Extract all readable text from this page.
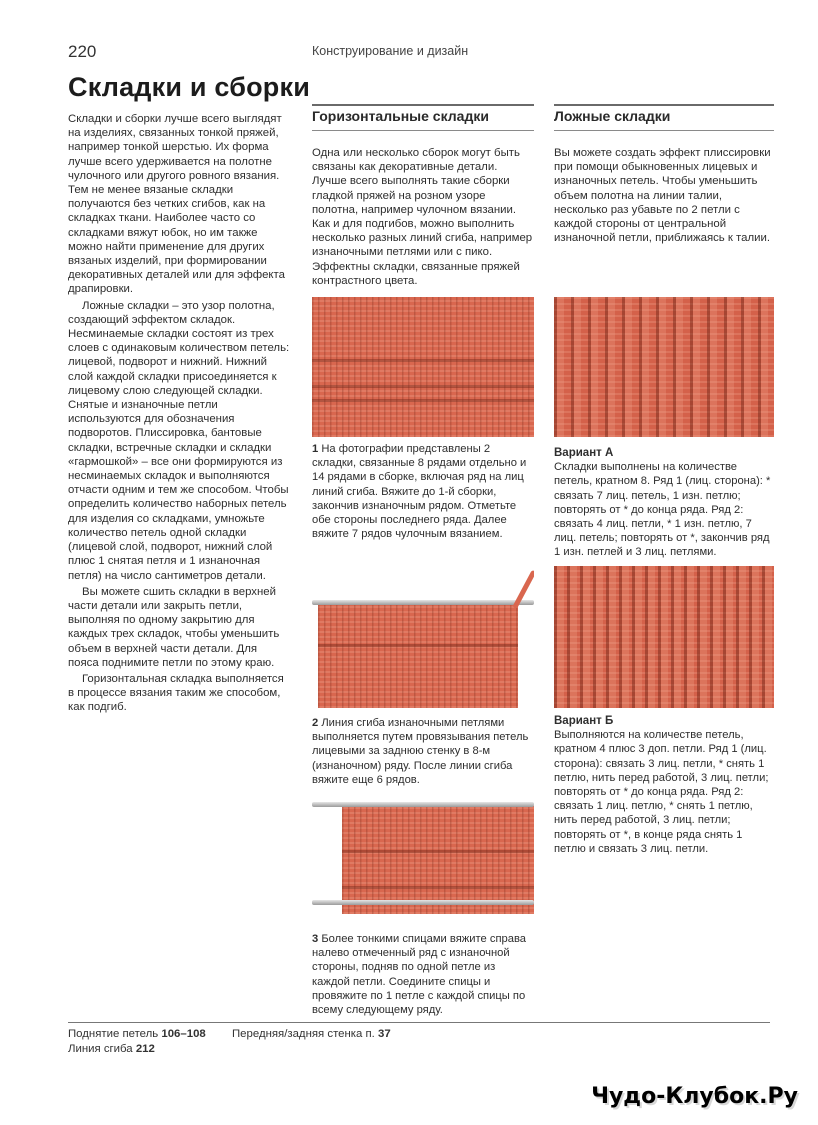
220	Конструирование и дизайн
Складки и сборки

Складки и сборки лучше всего выглядят на изделиях, связанных тонкой пряжей, например тонкой шерстью. Их форма лучше всего удерживается на полотне чулочного или другого ровного вязания. Тем не менее вязаные складки получаются без четких сгибов, как на складках ткани. Наиболее часто со складками вяжут юбок, но им также можно найти применение для других вязаных изделий, при формировании декоративных деталей или для эффекта драпировки.

Ложные складки – это узор полотна, создающий эффектом складок. Несминаемые складки состоят из трех слоев с одинаковым количеством петель: лицевой, подворот и нижний. Нижний слой каждой складки присоединяется к лицевому слою следующей складки. Снятые и изнаночные петли используются для обозначения подворотов. Плиссировка, бантовые складки, встречные складки и складки «гармошкой» – все они формируются из несминаемых складок и выполняются отчасти одним и тем же способом. Чтобы определить количество наборных петель для изделия со складками, умножьте количество петель одной складки (лицевой слой, подворот, нижний слой плюс 1 снятая петля и 1 изнаночная петля) на число сантиметров детали.

Вы можете сшить складки в верхней части детали или закрыть петли, выполняя по одному закрытию для каждых трех складок, чтобы уменьшить объем в верхней части детали. Для пояса поднимите петли по этому краю.

Горизонтальная складка выполняется в процессе вязания таким же способом, как подгиб.

Горизонтальные складки

Одна или несколько сборок могут быть связаны как декоративные детали. Лучше всего выполнять такие сборки гладкой пряжей на розном узоре полотна, например чулочном вязании. Как и для подгибов, можно выполнить несколько разных линий сгиба, например изнаночными петлями или с пико. Эффектны складки, связанные пряжей контрастного цвета.

1 На фотографии представлены 2 складки, связанные 8 рядами отдельно и 14 рядами в сборке, включая ряд на лиц линий сгиба. Вяжите до 1-й сборки, закончив изнаночным рядом. Отметьте обе стороны последнего ряда. Далее вяжите 7 рядов чулочным вязанием.
2 Линия сгиба изнаночными петлями выполняется путем провязывания петель лицевыми за заднюю стенку в 8-м (изнаночном) ряду. После линии сгиба вяжите еще 6 рядов.
3 Более тонкими спицами вяжите справа налево отмеченный ряд с изнаночной стороны, подняв по одной петле из каждой петли. Соедините спицы и провяжите по 1 петле с каждой спицы по всему следующему ряду.
Ложные складки

Вы можете создать эффект плиссировки при помощи обыкновенных лицевых и изнаночных петель. Чтобы уменьшить объем полотна на линии талии, несколько раз убавьте по 2 петли с каждой стороны от центральной изнаночной петли, приближаясь к талии.

Вариант А
Складки выполнены на количестве петель, кратном 8. Ряд 1 (лиц. сторона): * связать 7 лиц. петель, 1 изн. петлю; повторять от * до конца ряда. Ряд 2: связать 4 лиц. петли, * 1 изн. петлю, 7 лиц. петель; повторять от *, закончив ряд 1 изн. петлей и 3 лиц. петлями.
Вариант Б
Выполняются на количестве петель, кратном 4 плюс 3 доп. петли. Ряд 1 (лиц. сторона): связать 3 лиц. петли, * снять 1 петлю, нить перед работой, 3 лиц. петли; повторять от * до конца ряда. Ряд 2: связать 1 лиц. петлю, * снять 1 петлю, нить перед работой, 3 лиц. петли; повторять от *, в конце ряда снять 1 петлю и связать 3 лиц. петли.
Поднятие петель 106–108
Линия сгиба 212
Передняя/задняя стенка п. 37
Чудо-Клубок.Ру
